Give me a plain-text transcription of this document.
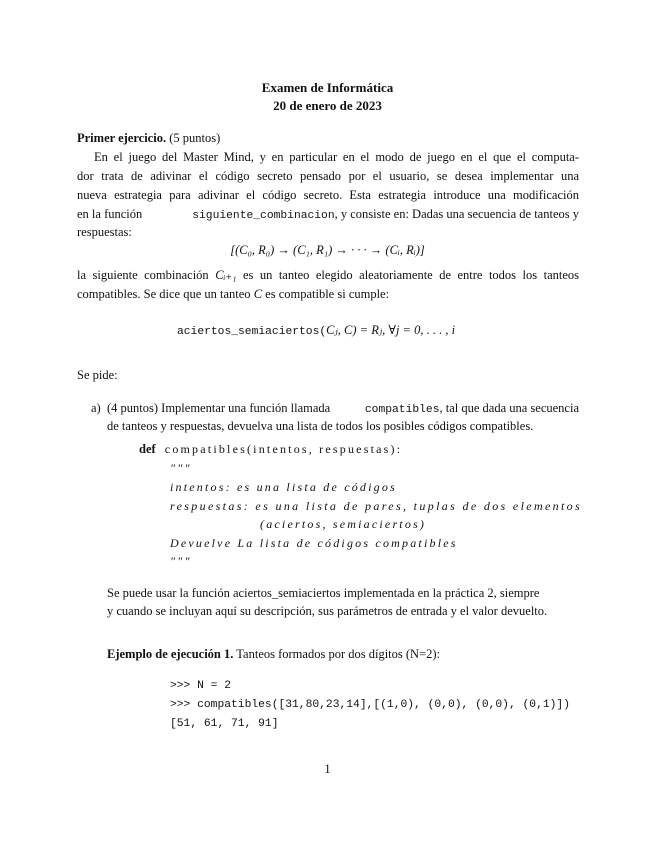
Examen de Informática
20 de enero de 2023
Primer ejercicio. (5 puntos)
En el juego del Master Mind, y en particular en el modo de juego en el que el computa-
dor trata de adivinar el código secreto pensado por el usuario, se desea implementar una
nueva estrategia para adivinar el código secreto. Esta estrategia introduce una modificación
en la función	siguiente_combinacion, y consiste en: Dadas una secuencia de tanteos y
respuestas:
[(C₀, R₀) → (C₁, R₁) → · · · → (Cᵢ, Rᵢ)]
la siguiente combinación Cᵢ₊₁ es un tanteo elegido aleatoriamente de entre todos los tanteos
compatibles. Se dice que un tanteo C es compatible si cumple:
aciertos_semiaciertos(Cⱼ, C) = Rⱼ, ∀j = 0, . . . , i
Se pide:
a) (4 puntos) Implementar una función llamada	compatibles, tal que dada una secuencia
de tanteos y respuestas, devuelva una lista de todos los posibles códigos compatibles.
def compatibles(intentos, respuestas):
"""
intentos: es una lista de códigos
respuestas: es una lista de pares, tuplas de dos elementos
(aciertos, semiaciertos)
Devuelve La lista de códigos compatibles
"""
Se puede usar la función aciertos_semiaciertos implementada en la práctica 2, siempre
y cuando se incluyan aquí su descripción, sus parámetros de entrada y el valor devuelto.
Ejemplo de ejecución 1. Tanteos formados por dos dígitos (N=2):
>>> N = 2
>>> compatibles([31,80,23,14],[(1,0), (0,0), (0,0), (0,1)])
[51, 61, 71, 91]
1
